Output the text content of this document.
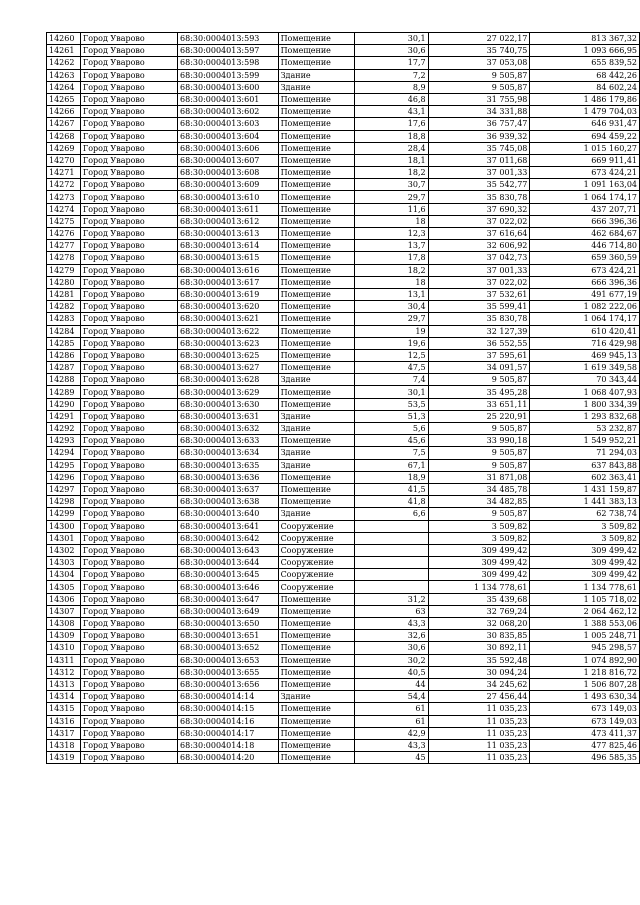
14260	Город Уварово	68:30:0004013:593	Помещение	30,1	27 022,17	813 367,32
14261	Город Уварово	68:30:0004013:597	Помещение	30,6	35 740,75	1 093 666,95
14262	Город Уварово	68:30:0004013:598	Помещение	17,7	37 053,08	655 839,52
14263	Город Уварово	68:30:0004013:599	Здание	7,2	9 505,87	68 442,26
14264	Город Уварово	68:30:0004013:600	Здание	8,9	9 505,87	84 602,24
14265	Город Уварово	68:30:0004013:601	Помещение	46,8	31 755,98	1 486 179,86
14266	Город Уварово	68:30:0004013:602	Помещение	43,1	34 331,88	1 479 704,03
14267	Город Уварово	68:30:0004013:603	Помещение	17,6	36 757,47	646 931,47
14268	Город Уварово	68:30:0004013:604	Помещение	18,8	36 939,32	694 459,22
14269	Город Уварово	68:30:0004013:606	Помещение	28,4	35 745,08	1 015 160,27
14270	Город Уварово	68:30:0004013:607	Помещение	18,1	37 011,68	669 911,41
14271	Город Уварово	68:30:0004013:608	Помещение	18,2	37 001,33	673 424,21
14272	Город Уварово	68:30:0004013:609	Помещение	30,7	35 542,77	1 091 163,04
14273	Город Уварово	68:30:0004013:610	Помещение	29,7	35 830,78	1 064 174,17
14274	Город Уварово	68:30:0004013:611	Помещение	11,6	37 690,32	437 207,71
14275	Город Уварово	68:30:0004013:612	Помещение	18	37 022,02	666 396,36
14276	Город Уварово	68:30:0004013:613	Помещение	12,3	37 616,64	462 684,67
14277	Город Уварово	68:30:0004013:614	Помещение	13,7	32 606,92	446 714,80
14278	Город Уварово	68:30:0004013:615	Помещение	17,8	37 042,73	659 360,59
14279	Город Уварово	68:30:0004013:616	Помещение	18,2	37 001,33	673 424,21
14280	Город Уварово	68:30:0004013:617	Помещение	18	37 022,02	666 396,36
14281	Город Уварово	68:30:0004013:619	Помещение	13,1	37 532,61	491 677,19
14282	Город Уварово	68:30:0004013:620	Помещение	30,4	35 599,41	1 082 222,06
14283	Город Уварово	68:30:0004013:621	Помещение	29,7	35 830,78	1 064 174,17
14284	Город Уварово	68:30:0004013:622	Помещение	19	32 127,39	610 420,41
14285	Город Уварово	68:30:0004013:623	Помещение	19,6	36 552,55	716 429,98
14286	Город Уварово	68:30:0004013:625	Помещение	12,5	37 595,61	469 945,13
14287	Город Уварово	68:30:0004013:627	Помещение	47,5	34 091,57	1 619 349,58
14288	Город Уварово	68:30:0004013:628	Здание	7,4	9 505,87	70 343,44
14289	Город Уварово	68:30:0004013:629	Помещение	30,1	35 495,28	1 068 407,93
14290	Город Уварово	68:30:0004013:630	Помещение	53,5	33 651,11	1 800 334,39
14291	Город Уварово	68:30:0004013:631	Здание	51,3	25 220,91	1 293 832,68
14292	Город Уварово	68:30:0004013:632	Здание	5,6	9 505,87	53 232,87
14293	Город Уварово	68:30:0004013:633	Помещение	45,6	33 990,18	1 549 952,21
14294	Город Уварово	68:30:0004013:634	Здание	7,5	9 505,87	71 294,03
14295	Город Уварово	68:30:0004013:635	Здание	67,1	9 505,87	637 843,88
14296	Город Уварово	68:30:0004013:636	Помещение	18,9	31 871,08	602 363,41
14297	Город Уварово	68:30:0004013:637	Помещение	41,5	34 485,78	1 431 159,87
14298	Город Уварово	68:30:0004013:638	Помещение	41,8	34 482,85	1 441 383,13
14299	Город Уварово	68:30:0004013:640	Здание	6,6	9 505,87	62 738,74
14300	Город Уварово	68:30:0004013:641	Сооружение		3 509,82	3 509,82
14301	Город Уварово	68:30:0004013:642	Сооружение		3 509,82	3 509,82
14302	Город Уварово	68:30:0004013:643	Сооружение		309 499,42	309 499,42
14303	Город Уварово	68:30:0004013:644	Сооружение		309 499,42	309 499,42
14304	Город Уварово	68:30:0004013:645	Сооружение		309 499,42	309 499,42
14305	Город Уварово	68:30:0004013:646	Сооружение		1 134 778,61	1 134 778,61
14306	Город Уварово	68:30:0004013:647	Помещение	31,2	35 439,68	1 105 718,02
14307	Город Уварово	68:30:0004013:649	Помещение	63	32 769,24	2 064 462,12
14308	Город Уварово	68:30:0004013:650	Помещение	43,3	32 068,20	1 388 553,06
14309	Город Уварово	68:30:0004013:651	Помещение	32,6	30 835,85	1 005 248,71
14310	Город Уварово	68:30:0004013:652	Помещение	30,6	30 892,11	945 298,57
14311	Город Уварово	68:30:0004013:653	Помещение	30,2	35 592,48	1 074 892,90
14312	Город Уварово	68:30:0004013:655	Помещение	40,5	30 094,24	1 218 816,72
14313	Город Уварово	68:30:0004013:656	Помещение	44	34 245,62	1 506 807,28
14314	Город Уварово	68:30:0004014:14	Здание	54,4	27 456,44	1 493 630,34
14315	Город Уварово	68:30:0004014:15	Помещение	61	11 035,23	673 149,03
14316	Город Уварово	68:30:0004014:16	Помещение	61	11 035,23	673 149,03
14317	Город Уварово	68:30:0004014:17	Помещение	42,9	11 035,23	473 411,37
14318	Город Уварово	68:30:0004014:18	Помещение	43,3	11 035,23	477 825,46
14319	Город Уварово	68:30:0004014:20	Помещение	45	11 035,23	496 585,35
